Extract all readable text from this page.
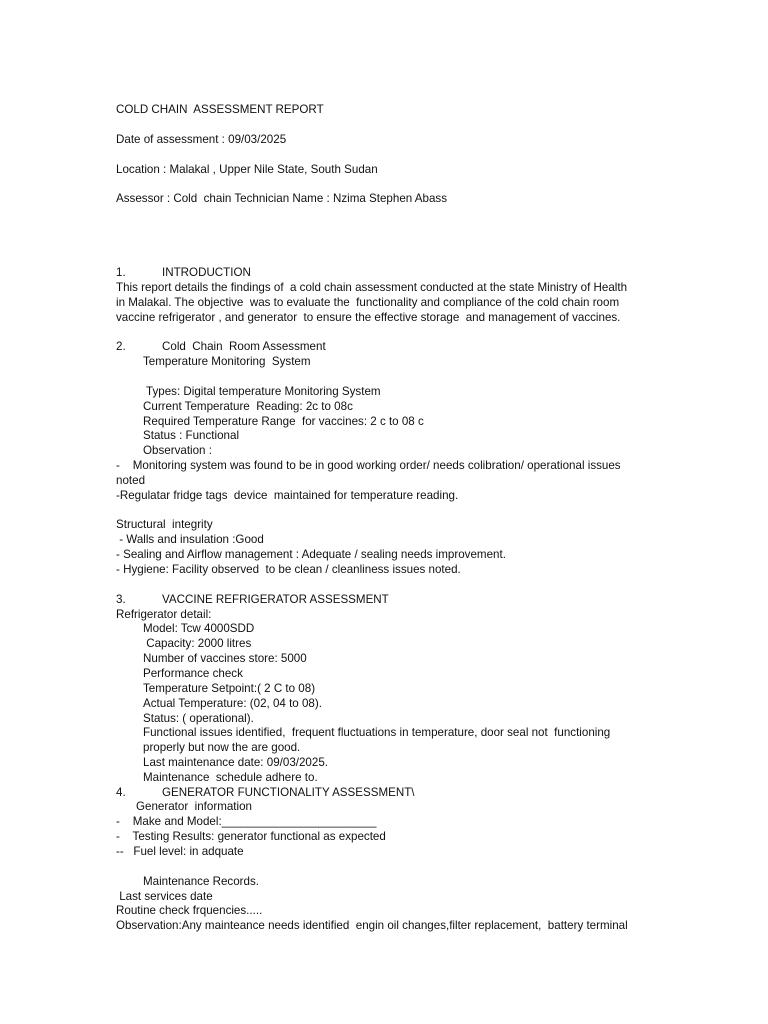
COLD CHAIN  ASSESSMENT REPORT
Date of assessment : 09/03/2025
Location : Malakal , Upper Nile State, South Sudan
Assessor : Cold  chain Technician Name : Nzima Stephen Abass
1.	INTRODUCTION
This report details the findings of  a cold chain assessment conducted at the state Ministry of Health
in Malakal. The objective  was to evaluate the  functionality and compliance of the cold chain room
vaccine refrigerator , and generator  to ensure the effective storage  and management of vaccines.
2.	Cold  Chain  Room Assessment
Temperature Monitoring  System
Types: Digital temperature Monitoring System
Current Temperature  Reading: 2c to 08c
Required Temperature Range  for vaccines: 2 c to 08 c
Status : Functional
Observation :
-    Monitoring system was found to be in good working order/ needs colibration/ operational issues
noted
-Regulatar fridge tags  device  maintained for temperature reading.
Structural  integrity
- Walls and insulation :Good
- Sealing and Airflow management : Adequate / sealing needs improvement.
- Hygiene: Facility observed  to be clean / cleanliness issues noted.
3.	VACCINE REFRIGERATOR ASSESSMENT
Refrigerator detail:
Model: Tcw 4000SDD
Capacity: 2000 litres
Number of vaccines store: 5000
Performance check
Temperature Setpoint:( 2 C to 08)
Actual Temperature: (02, 04 to 08).
Status: ( operational).
Functional issues identified,  frequent fluctuations in temperature, door seal not  functioning
properly but now the are good.
Last maintenance date: 09/03/2025.
Maintenance  schedule adhere to.
4.	GENERATOR FUNCTIONALITY ASSESSMENT\
Generator  information
-    Make and Model:________________________
-    Testing Results: generator functional as expected
--   Fuel level: in adquate
Maintenance Records.
Last services date
Routine check frquencies.....
Observation:Any mainteance needs identified  engin oil changes,filter replacement,  battery terminal
